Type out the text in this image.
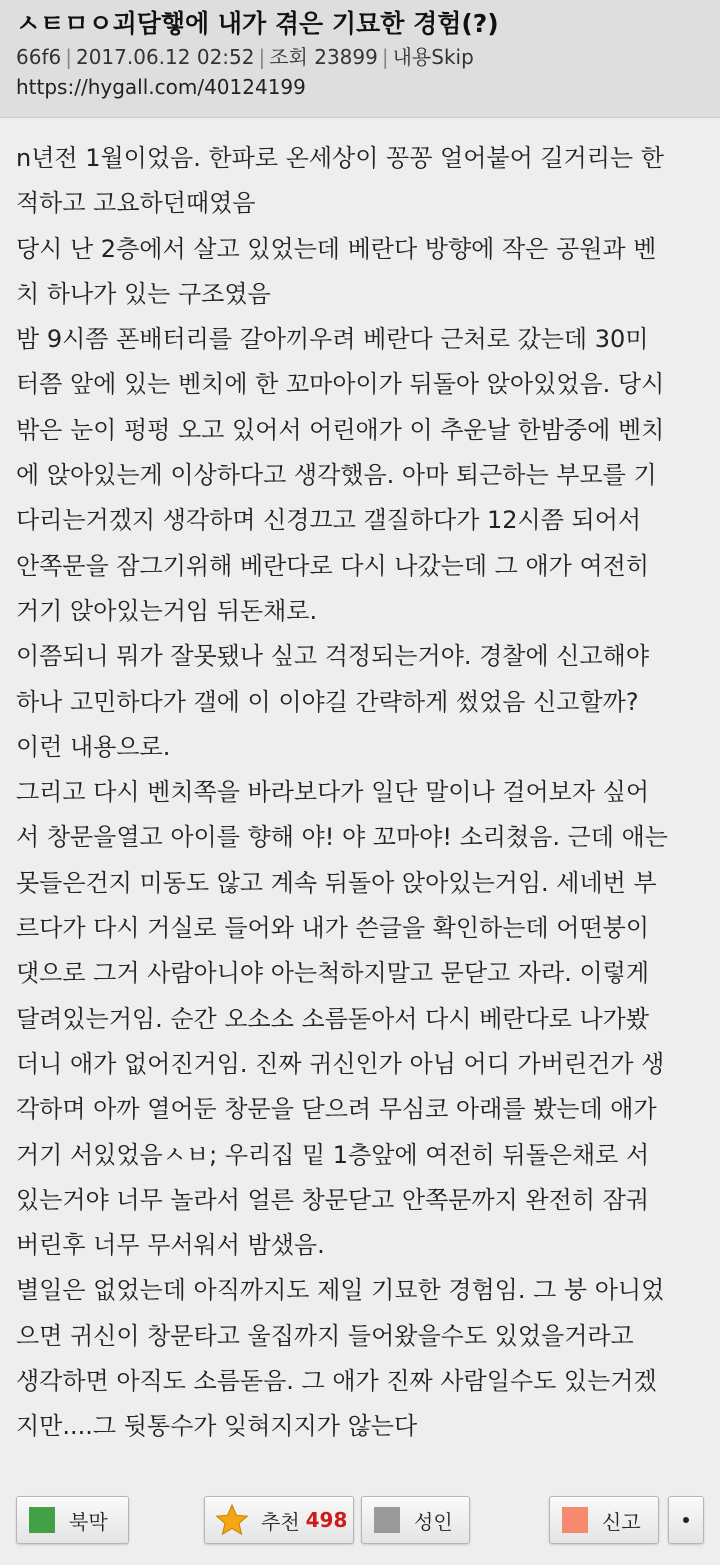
ㅅㅌㅁㅇ괴담햏에 내가 겪은 기묘한 경험(?)
66f6 | 2017.06.12 02:52 | 조회 23899 | 내용Skip
https://hygall.com/40124199
n년전 1월이었음. 한파로 온세상이 꽁꽁 얼어붙어 길거리는 한
적하고 고요하던때였음
당시 난 2층에서 살고 있었는데 베란다 방향에 작은 공원과 벤
치 하나가 있는 구조였음
밤 9시쯤 폰배터리를 갈아끼우려 베란다 근처로 갔는데 30미
터쯤 앞에 있는 벤치에 한 꼬마아이가 뒤돌아 앉아있었음. 당시
밖은 눈이 펑펑 오고 있어서 어린애가 이 추운날 한밤중에 벤치
에 앉아있는게 이상하다고 생각했음. 아마 퇴근하는 부모를 기
다리는거겠지 생각하며 신경끄고 갤질하다가 12시쯤 되어서
안쪽문을 잠그기위해 베란다로 다시 나갔는데 그 애가 여전히
거기 앉아있는거임 뒤돈채로.
이쯤되니 뭐가 잘못됐나 싶고 걱정되는거야. 경찰에 신고해야
하나 고민하다가 갤에 이 이야길 간략하게 썼었음 신고할까?
이런 내용으로.
그리고 다시 벤치쪽을 바라보다가 일단 말이나 걸어보자 싶어
서 창문을열고 아이를 향해 야! 야 꼬마야! 소리쳤음. 근데 애는
못들은건지 미동도 않고 계속 뒤돌아 앉아있는거임. 세네번 부
르다가 다시 거실로 들어와 내가 쓴글을 확인하는데 어떤붕이
댓으로 그거 사람아니야 아는척하지말고 문닫고 자라. 이렇게
달려있는거임. 순간 오소소 소름돋아서 다시 베란다로 나가봤
더니 애가 없어진거임. 진짜 귀신인가 아님 어디 가버린건가 생
각하며 아까 열어둔 창문을 닫으려 무심코 아래를 봤는데 애가
거기 서있었음ㅅㅂ; 우리집 밑 1층앞에 여전히 뒤돌은채로 서
있는거야 너무 놀라서 얼른 창문닫고 안쪽문까지 완전히 잠궈
버린후 너무 무서워서 밤샜음.
별일은 없었는데 아직까지도 제일 기묘한 경험임. 그 붕 아니었
으면 귀신이 창문타고 울집까지 들어왔을수도 있었을거라고
생각하면 아직도 소름돋음. 그 애가 진짜 사람일수도 있는거겠
지만....그 뒷통수가 잊혀지지가 않는다
북막	추천 498	성인	신고
